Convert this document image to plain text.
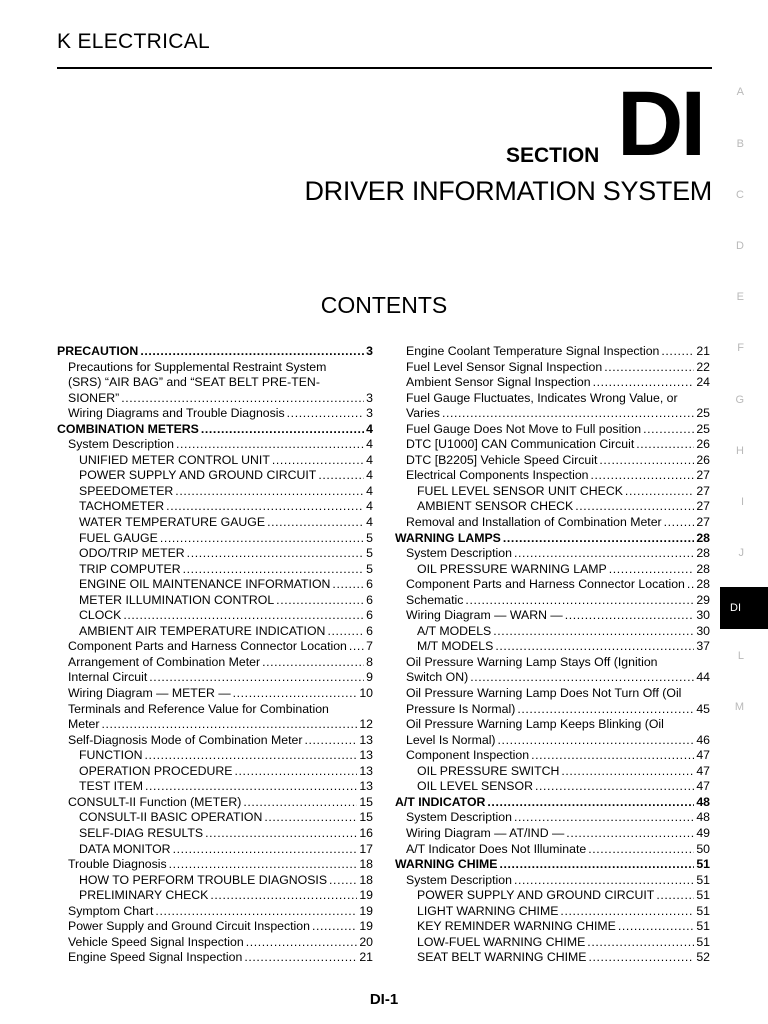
K ELECTRICAL
SECTION DI
DRIVER INFORMATION SYSTEM
CONTENTS
PRECAUTION .....	3
Precautions for Supplemental Restraint System
(SRS) “AIR BAG” and “SEAT BELT PRE-TEN-
SIONER” .....	3
Wiring Diagrams and Trouble Diagnosis .....	3
COMBINATION METERS .....	4
System Description .....	4
UNIFIED METER CONTROL UNIT .....	4
POWER SUPPLY AND GROUND CIRCUIT .....	4
SPEEDOMETER .....	4
TACHOMETER .....	4
WATER TEMPERATURE GAUGE .....	4
FUEL GAUGE .....	5
ODO/TRIP METER .....	5
TRIP COMPUTER .....	5
ENGINE OIL MAINTENANCE INFORMATION .....	6
METER ILLUMINATION CONTROL .....	6
CLOCK .....	6
AMBIENT AIR TEMPERATURE INDICATION .....	6
Component Parts and Harness Connector Location ..... 7
Arrangement of Combination Meter .....	8
Internal Circuit .....	9
Wiring Diagram — METER — .....	10
Terminals and Reference Value for Combination
Meter .....	12
Self-Diagnosis Mode of Combination Meter .....	13
FUNCTION .....	13
OPERATION PROCEDURE .....	13
TEST ITEM .....	13
CONSULT-II Function (METER) .....	15
CONSULT-II BASIC OPERATION .....	15
SELF-DIAG RESULTS .....	16
DATA MONITOR .....	17
Trouble Diagnosis .....	18
HOW TO PERFORM TROUBLE DIAGNOSIS .....	18
PRELIMINARY CHECK .....	19
Symptom Chart .....	19
Power Supply and Ground Circuit Inspection .....	19
Vehicle Speed Signal Inspection .....	20
Engine Speed Signal Inspection .....	21
Engine Coolant Temperature Signal Inspection .....	21
Fuel Level Sensor Signal Inspection .....	22
Ambient Sensor Signal Inspection .....	24
Fuel Gauge Fluctuates, Indicates Wrong Value, or
Varies .....	25
Fuel Gauge Does Not Move to Full position .....	25
DTC [U1000] CAN Communication Circuit .....	26
DTC [B2205] Vehicle Speed Circuit .....	26
Electrical Components Inspection .....	27
FUEL LEVEL SENSOR UNIT CHECK .....	27
AMBIENT SENSOR CHECK .....	27
Removal and Installation of Combination Meter .....	27
WARNING LAMPS .....	28
System Description .....	28
OIL PRESSURE WARNING LAMP .....	28
Component Parts and Harness Connector Location ..... 28
Schematic .....	29
Wiring Diagram — WARN — .....	30
A/T MODELS .....	30
M/T MODELS .....	37
Oil Pressure Warning Lamp Stays Off (Ignition
Switch ON) .....	44
Oil Pressure Warning Lamp Does Not Turn Off (Oil
Pressure Is Normal) .....	45
Oil Pressure Warning Lamp Keeps Blinking (Oil
Level Is Normal) .....	46
Component Inspection .....	47
OIL PRESSURE SWITCH .....	47
OIL LEVEL SENSOR .....	47
A/T INDICATOR .....	48
System Description .....	48
Wiring Diagram — AT/IND — .....	49
A/T Indicator Does Not Illuminate .....	50
WARNING CHIME .....	51
System Description .....	51
POWER SUPPLY AND GROUND CIRCUIT .....	51
LIGHT WARNING CHIME .....	51
KEY REMINDER WARNING CHIME .....	51
LOW-FUEL WARNING CHIME .....	51
SEAT BELT WARNING CHIME .....	52
A
B
C
D
E
F
G
H
I
J
DI
L
M
DI-1
